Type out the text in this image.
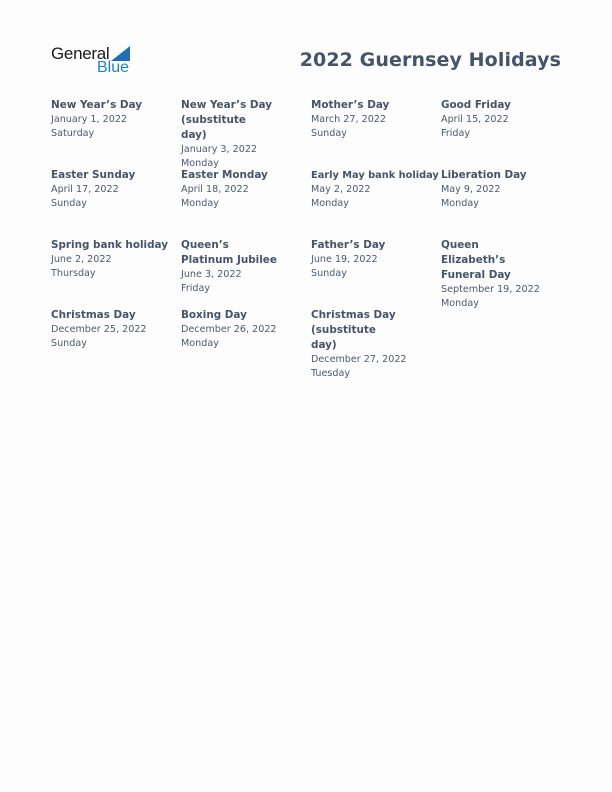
General
Blue	2022 Guernsey Holidays
New Year’s Day
January 1, 2022
Saturday
New Year’s Day (substitute day)
January 3, 2022
Monday
Mother’s Day
March 27, 2022
Sunday
Good Friday
April 15, 2022
Friday
Easter Sunday
April 17, 2022
Sunday
Easter Monday
April 18, 2022
Monday
Early May bank holiday
May 2, 2022
Monday
Liberation Day
May 9, 2022
Monday
Spring bank holiday
June 2, 2022
Thursday
Queen’s Platinum Jubilee
June 3, 2022
Friday
Father’s Day
June 19, 2022
Sunday
Queen Elizabeth’s Funeral Day
September 19, 2022
Monday
Christmas Day
December 25, 2022
Sunday
Boxing Day
December 26, 2022
Monday
Christmas Day (substitute day)
December 27, 2022
Tuesday
